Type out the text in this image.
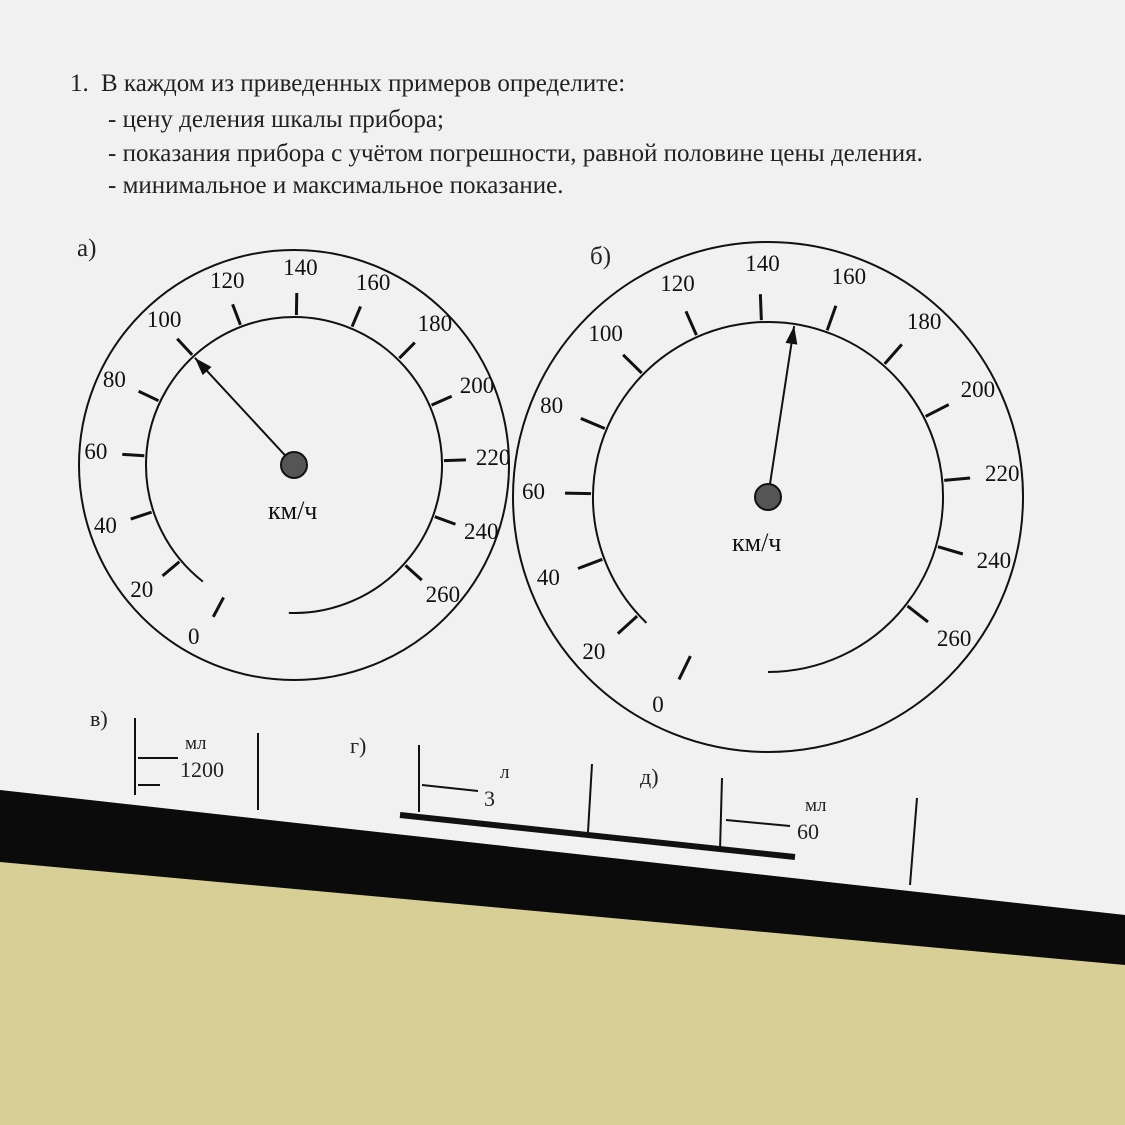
1. В каждом из приведенных примеров определите:
- цену деления шкалы прибора;
- показания прибора с учётом погрешности, равной половине цены деления.
- минимальное и максимальное показание.
а)	б)
км/ч
км/ч
0
20
40
60
80
100
120
140
160
180
200
220
240
260
0
20
40
60
80
100
120
140
160
180
200
220
240
260
в)
мл
1200
г)
л
3
д)
мл
60
